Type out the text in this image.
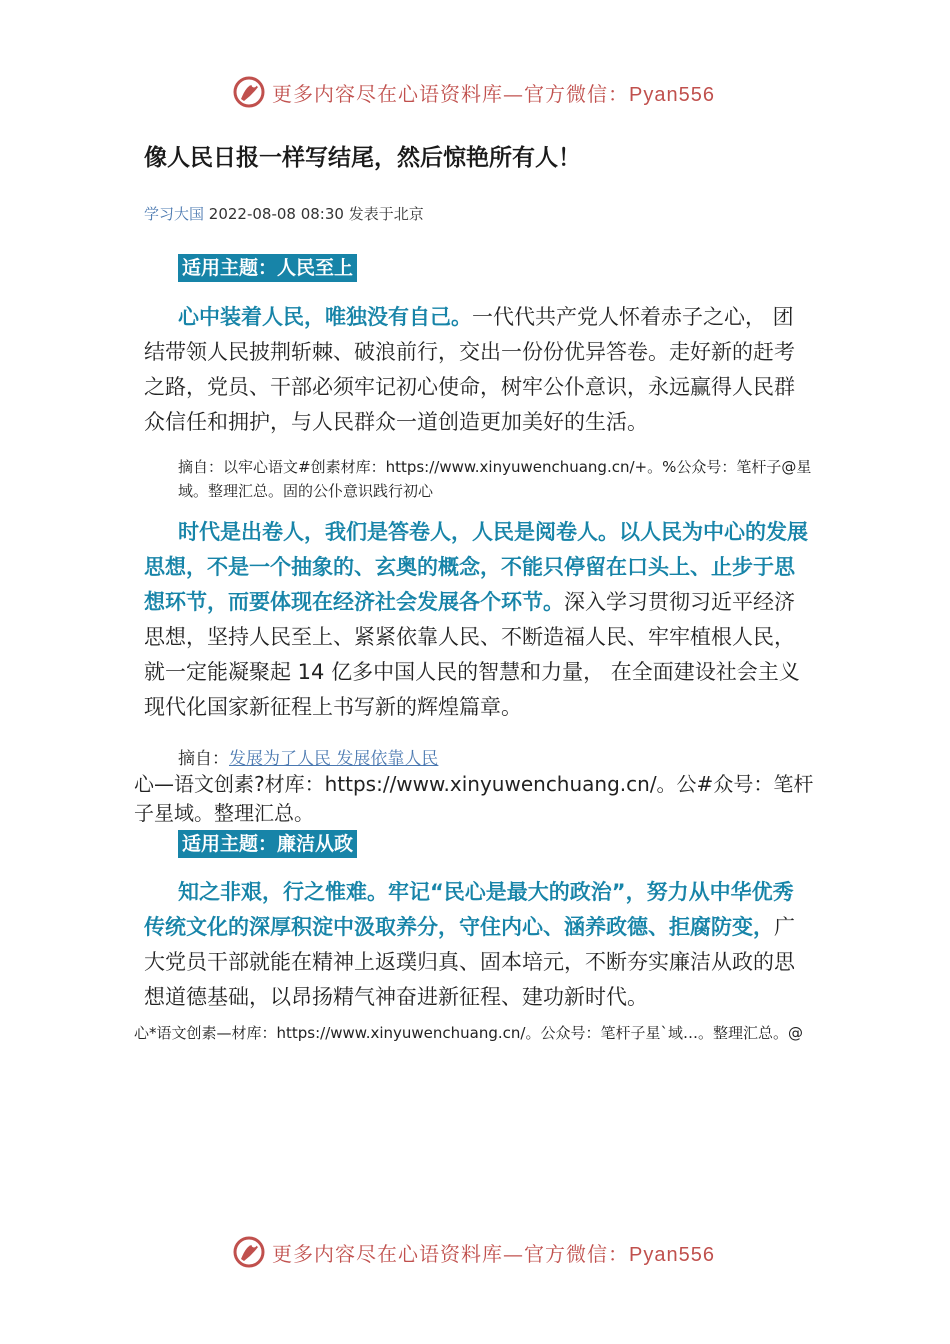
更多内容尽在心语资料库—官方微信：Pyan556
像人民日报一样写结尾，然后惊艳所有人！
学习大国 2022-08-08 08:30 发表于北京
适用主题：人民至上

心中装着人民，唯独没有自己。一代代共产党人怀着赤子之心， 团结带领人民披荆斩棘、破浪前行，交出一份份优异答卷。走好新的赶考之路，党员、干部必须牢记初心使命，树牢公仆意识，永远赢得人民群众信任和拥护，与人民群众一道创造更加美好的生活。

摘自：以牢心语文#创素材库：https://www.xinyuwenchuang.cn/+。%公众号：笔杆子@星域。整理汇总。固的公仆意识践行初心

时代是出卷人，我们是答卷人，人民是阅卷人。以人民为中心的发展思想，不是一个抽象的、玄奥的概念，不能只停留在口头上、止步于思想环节，而要体现在经济社会发展各个环节。深入学习贯彻习近平经济思想，坚持人民至上、紧紧依靠人民、不断造福人民、牢牢植根人民，就一定能凝聚起 14 亿多中国人民的智慧和力量， 在全面建设社会主义现代化国家新征程上书写新的辉煌篇章。

摘自：发展为了人民 发展依靠人民
心—语文创素?材库：https://www.xinyuwenchuang.cn/。公#众号：笔杆子星域。整理汇总。
适用主题：廉洁从政

知之非艰，行之惟难。牢记“民心是最大的政治”，努力从中华优秀传统文化的深厚积淀中汲取养分，守住内心、涵养政德、拒腐防变，广大党员干部就能在精神上返璞归真、固本培元，不断夯实廉洁从政的思想道德基础，以昂扬精气神奋进新征程、建功新时代。

心*语文创素—材库：https://www.xinyuwenchuang.cn/。公众号：笔杆子星`域…。整理汇总。@
更多内容尽在心语资料库—官方微信：Pyan556
